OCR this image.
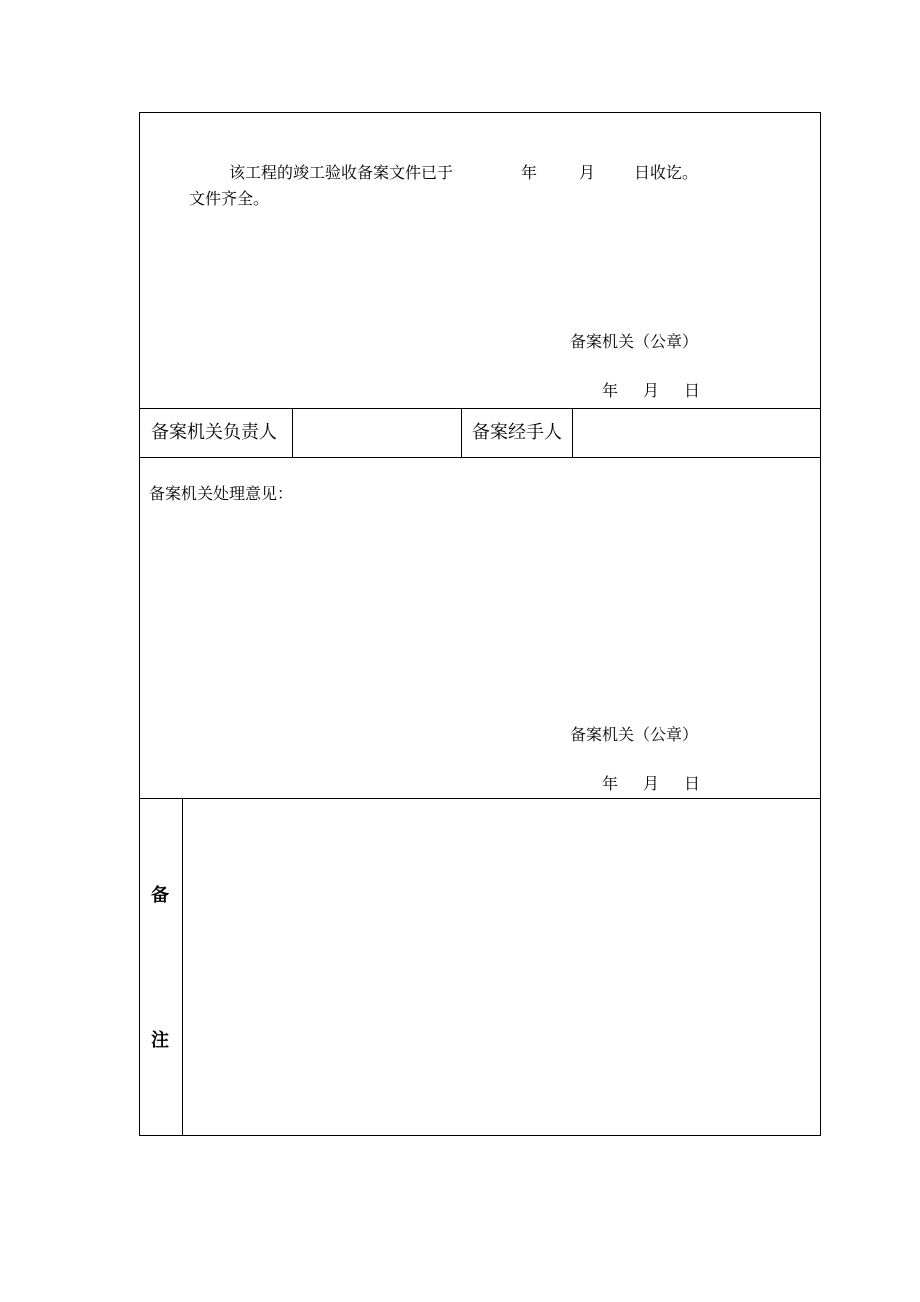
该工程的竣工验收备案文件已于	年	月 日收讫。
文件齐全。
备案机关（公章）
年 月 日
备案机关负责人	备案经手人
备案机关处理意见：
备案机关（公章）
年 月 日
备
注
